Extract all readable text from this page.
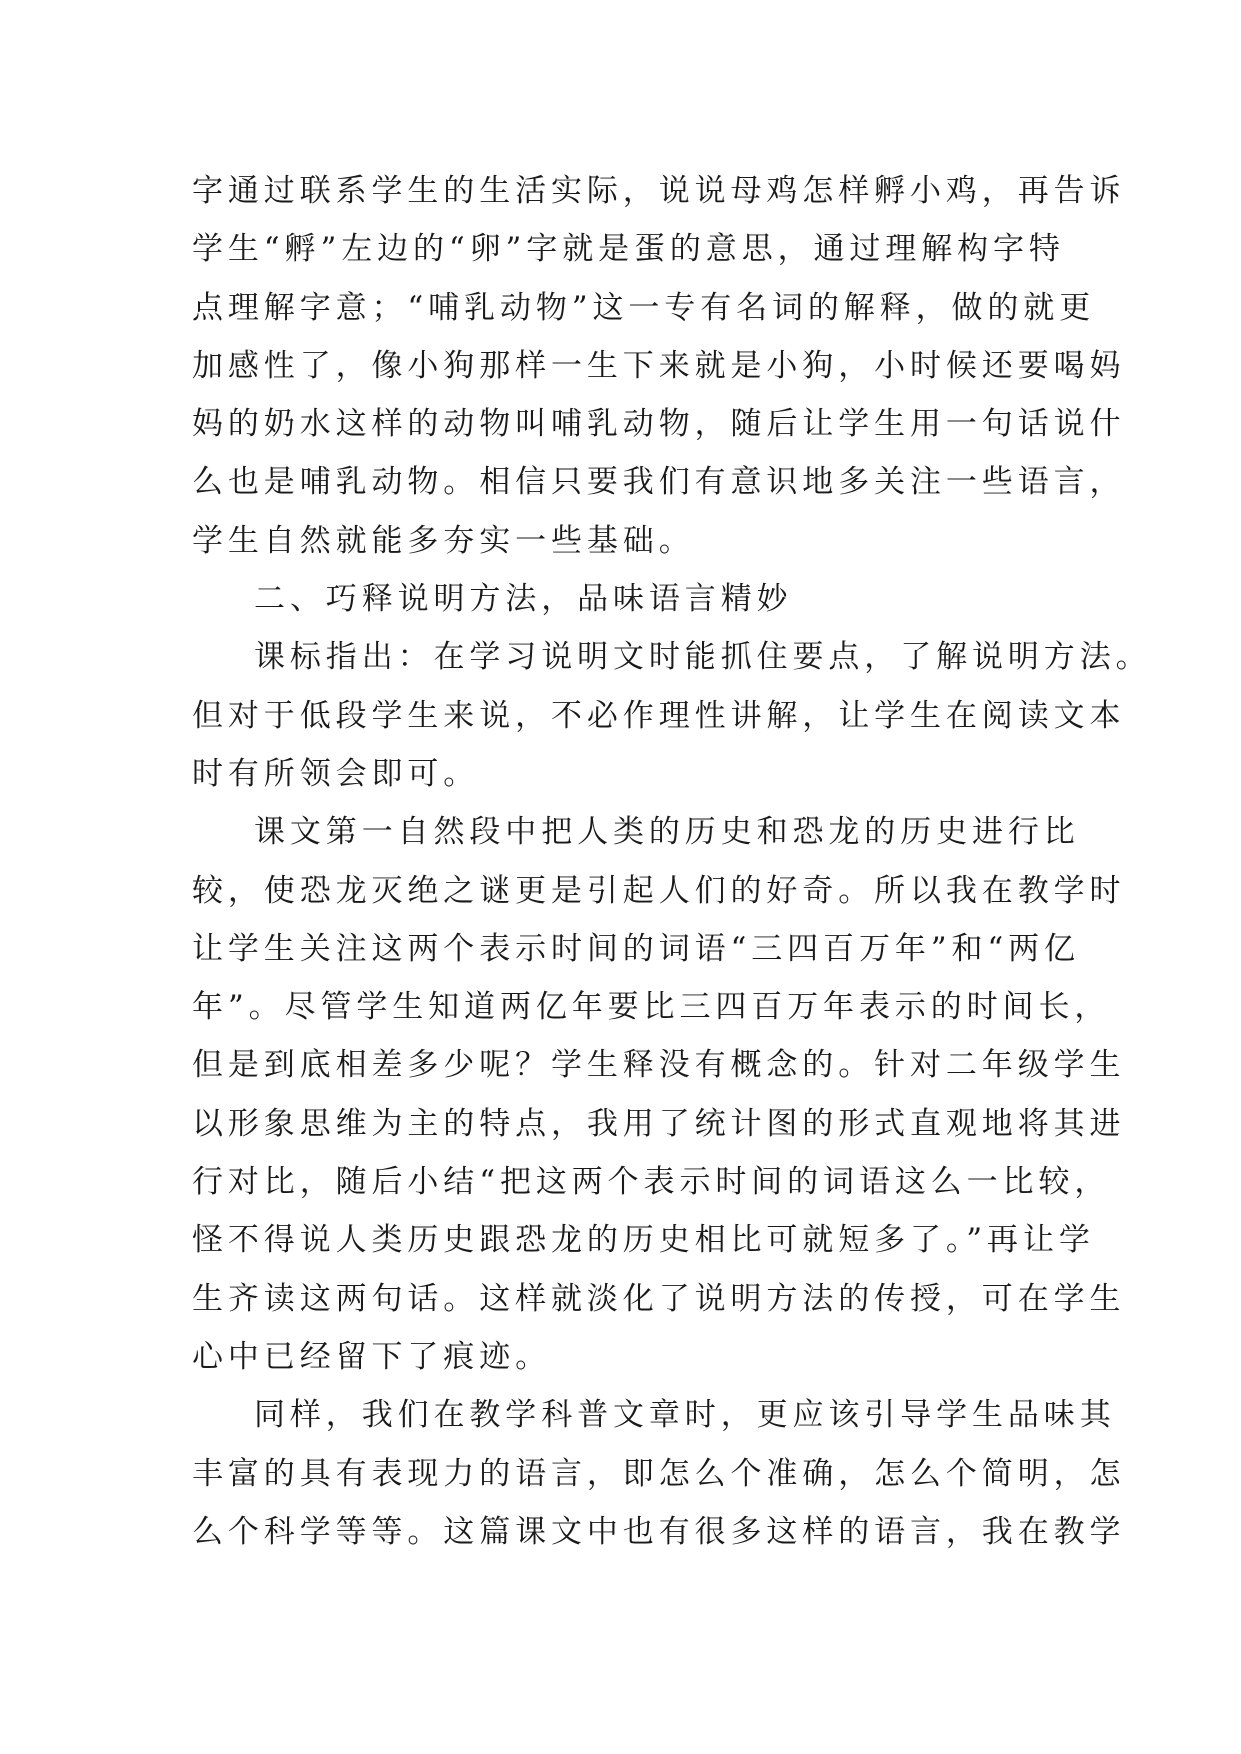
字通过联系学生的生活实际，说说母鸡怎样孵小鸡，再告诉
学生“孵”左边的“卵”字就是蛋的意思，通过理解构字特
点理解字意；“哺乳动物”这一专有名词的解释，做的就更
加感性了，像小狗那样一生下来就是小狗，小时候还要喝妈
妈的奶水这样的动物叫哺乳动物，随后让学生用一句话说什
么也是哺乳动物。相信只要我们有意识地多关注一些语言，
学生自然就能多夯实一些基础。
二、巧释说明方法，品味语言精妙
课标指出：在学习说明文时能抓住要点，了解说明方法。
但对于低段学生来说，不必作理性讲解，让学生在阅读文本
时有所领会即可。
课文第一自然段中把人类的历史和恐龙的历史进行比
较，使恐龙灭绝之谜更是引起人们的好奇。所以我在教学时
让学生关注这两个表示时间的词语“三四百万年”和“两亿
年”。尽管学生知道两亿年要比三四百万年表示的时间长，
但是到底相差多少呢？学生释没有概念的。针对二年级学生
以形象思维为主的特点，我用了统计图的形式直观地将其进
行对比，随后小结“把这两个表示时间的词语这么一比较，
怪不得说人类历史跟恐龙的历史相比可就短多了。”再让学
生齐读这两句话。这样就淡化了说明方法的传授，可在学生
心中已经留下了痕迹。
同样，我们在教学科普文章时，更应该引导学生品味其
丰富的具有表现力的语言，即怎么个准确，怎么个简明，怎
么个科学等等。这篇课文中也有很多这样的语言，我在教学
